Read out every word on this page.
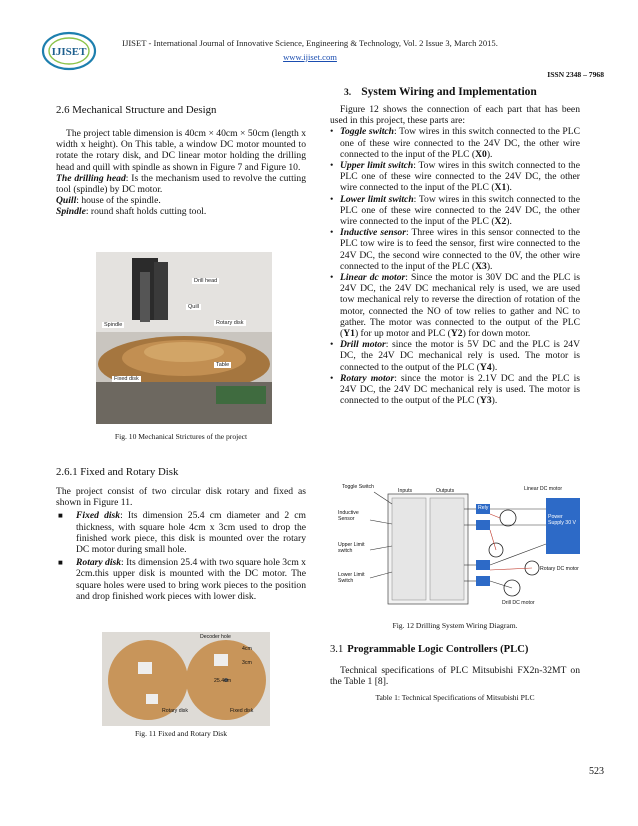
IJISET
IJISET - International Journal of Innovative Science, Engineering & Technology, Vol. 2 Issue 3, March 2015.
www.ijiset.com
ISSN 2348 – 7968
2.6 Mechanical Structure and Design

The project table dimension is 40cm × 40cm × 50cm (length x width x height). On This table, a window DC motor mounted to rotate the rotary disk, and DC linear motor holding the drilling head and quill with spindle as shown in Figure 7 and Figure 10.

The drilling head: Is the mechanism used to revolve the cutting tool (spindle) by DC motor.

Quill: house of the spindle.

Spindle: round shaft holds cutting tool.

Drill head
Quill
Spindle	Rotary disk
Table
Fixed disk
Fig. 10 Mechanical Strictures of the project
2.6.1 Fixed and Rotary Disk

The project consist of two circular disk rotary and fixed as shown in Figure 11.

■ Fixed disk: Its dimension 25.4 cm diameter and 2 cm thickness, with square hole 4cm x 3cm used to drop the finished work piece, this disk is mounted over the rotary DC motor during small hole.
■ Rotary disk: Its dimension 25.4 with two square hole 3cm x 2cm.this upper disk is mounted with the DC motor. The square holes were used to bring work pieces to the position and drop finished work pieces with lower disk.
Decoder hole
4cm
3cm
25.4cm
Rotary disk	Fixed disk
Fig. 11 Fixed and Rotary Disk
3. System Wiring and Implementation

Figure 12 shows the connection of each part that has been used in this project, these parts are:

• Toggle switch: Tow wires in this switch connected to the PLC one of these wire connected to the 24V DC, the other wire connected to the input of the PLC (X0).
• Upper limit switch: Tow wires in this switch connected to the PLC one of these wire connected to the 24V DC, the other wire connected to the input of the PLC (X1).
• Lower limit switch: Tow wires in this switch connected to the PLC one of these wire connected to the 24V DC, the other wire connected to the input of the PLC (X2).
• Inductive sensor: Three wires in this sensor connected to the PLC tow wire is to feed the sensor, first wire connected to the 24V DC, the second wire connected to the 0V, the other wire connected to the input of the PLC (X3).
• Linear dc motor: Since the motor is 30V DC and the PLC is 24V DC, the 24V DC mechanical rely is used, we are used tow mechanical rely to reverse the direction of rotation of the motor, connected the NO of tow relies to gather and NC to gather. The motor was connected to the output of the PLC (Y1) for up motor and PLC (Y2) for down motor.
• Drill motor: since the motor is 5V DC and the PLC is 24V DC, the 24V DC mechanical rely is used. The motor is connected to the output of the PLC (Y4).
• Rotary motor: since the motor is 2.1V DC and the PLC is 24V DC, the 24V DC mechanical rely is used. The motor is connected to the output of the PLC (Y3).
Toggle Switch
Inputs	Outputs	Linear DC motor
Inductive Sensor
Upper Limit switch
Lower Limit Switch
Rely
Power Supply 30 V
Rotary DC motor
Drill DC motor
Fig. 12 Drilling System Wiring Diagram.
3.1 Programmable Logic Controllers (PLC)

Technical specifications of PLC Mitsubishi FX2n-32MT on the Table 1 [8].

Table 1: Technical Specifications of Mitsubishi PLC
523
